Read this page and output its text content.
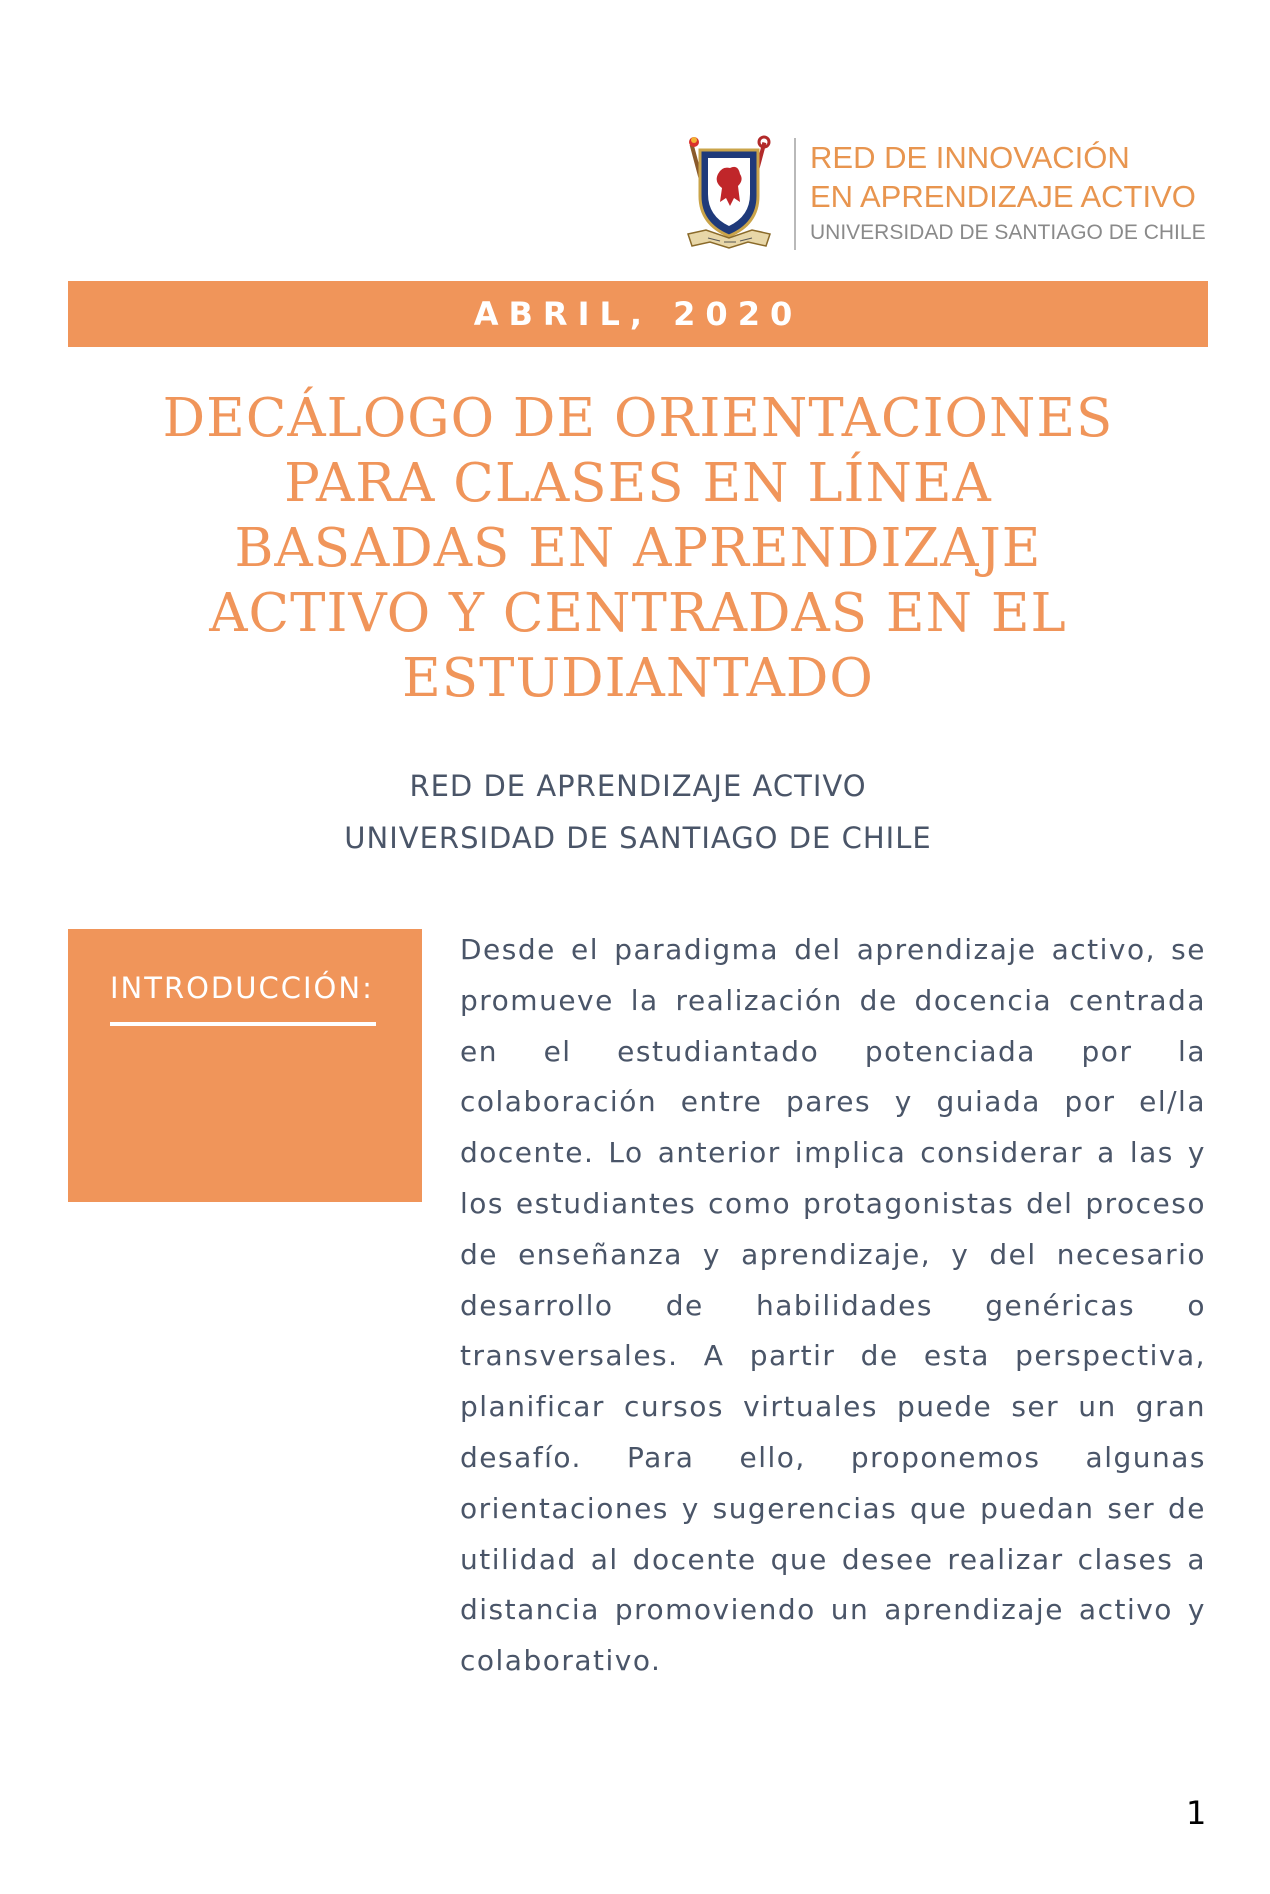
RED DE INNOVACIÓN
EN APRENDIZAJE ACTIVO
UNIVERSIDAD DE SANTIAGO DE CHILE
ABRIL, 2020
DECÁLOGO DE ORIENTACIONES
PARA CLASES EN LÍNEA
BASADAS EN APRENDIZAJE
ACTIVO Y CENTRADAS EN EL
ESTUDIANTADO
RED DE APRENDIZAJE ACTIVO
UNIVERSIDAD DE SANTIAGO DE CHILE
INTRODUCCIÓN:

Desde el paradigma del aprendizaje activo, se promueve la realización de docencia centrada en el estudiantado potenciada por la colaboración entre pares y guiada por el/la docente. Lo anterior implica considerar a las y los estudiantes como protagonistas del proceso de enseñanza y aprendizaje, y del necesario desarrollo de habilidades genéricas o transversales. A partir de esta perspectiva, planificar cursos virtuales puede ser un gran desafío. Para ello, proponemos algunas orientaciones y sugerencias que puedan ser de utilidad al docente que desee realizar clases a distancia promoviendo un aprendizaje activo y colaborativo.

1
